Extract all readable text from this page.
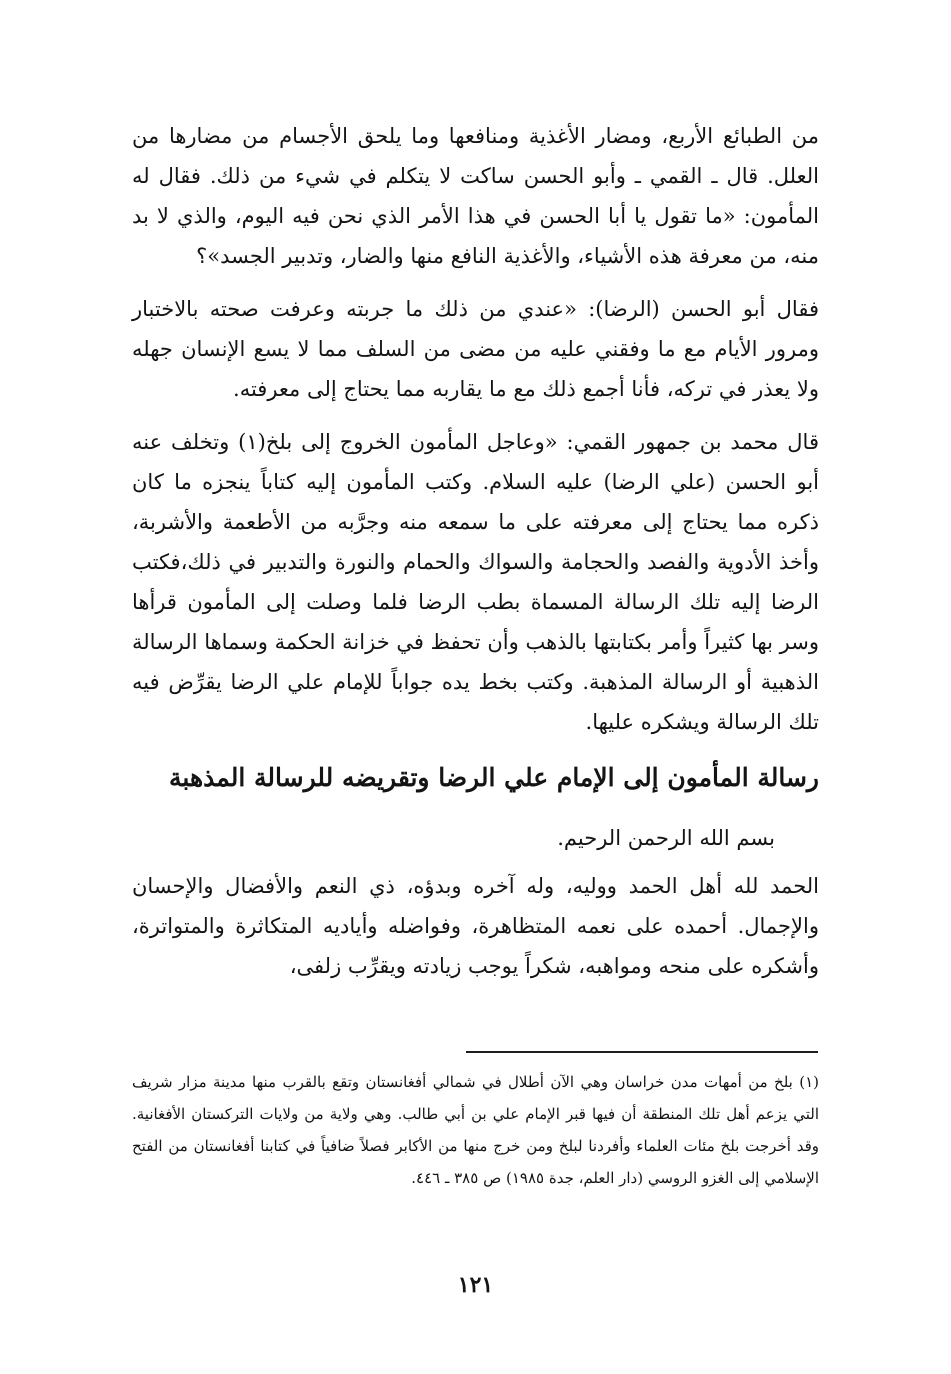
من الطبائع الأربع، ومضار الأغذية ومنافعها وما يلحق الأجسام من مضارها من العلل. قال ـ القمي ـ وأبو الحسن ساكت لا يتكلم في شيء من ذلك. فقال له المأمون: «ما تقول يا أبا الحسن في هذا الأمر الذي نحن فيه اليوم، والذي لا بد منه، من معرفة هذه الأشياء، والأغذية النافع منها والضار، وتدبير الجسد»؟

فقال أبو الحسن (الرضا): «عندي من ذلك ما جربته وعرفت صحته بالاختبار ومرور الأيام مع ما وفقني عليه من مضى من السلف مما لا يسع الإنسان جهله ولا يعذر في تركه، فأنا أجمع ذلك مع ما يقاربه مما يحتاج إلى معرفته.

قال محمد بن جمهور القمي: «وعاجل المأمون الخروج إلى بلخ(١) وتخلف عنه أبو الحسن (علي الرضا) عليه السلام. وكتب المأمون إليه كتاباً ينجزه ما كان ذكره مما يحتاج إلى معرفته على ما سمعه منه وجرَّبه من الأطعمة والأشربة، وأخذ الأدوية والفصد والحجامة والسواك والحمام والنورة والتدبير في ذلك،فكتب الرضا إليه تلك الرسالة المسماة بطب الرضا فلما وصلت إلى المأمون قرأها وسر بها كثيراً وأمر بكتابتها بالذهب وأن تحفظ في خزانة الحكمة وسماها الرسالة الذهبية أو الرسالة المذهبة. وكتب بخط يده جواباً للإمام علي الرضا يقرِّض فيه تلك الرسالة ويشكره عليها.

رسالة المأمون إلى الإمام علي الرضا وتقريضه للرسالة المذهبة
بسم الله الرحمن الرحيم.

الحمد لله أهل الحمد ووليه، وله آخره وبدؤه، ذي النعم والأفضال والإحسان والإجمال. أحمده على نعمه المتظاهرة، وفواضله وأياديه المتكاثرة والمتواترة، وأشكره على منحه ومواهبه، شكراً يوجب زيادته ويقرِّب زلفى،

(١) بلخ من أمهات مدن خراسان وهي الآن أطلال في شمالي أفغانستان وتقع بالقرب منها مدينة مزار شريف التي يزعم أهل تلك المنطقة أن فيها قبر الإمام علي بن أبي طالب. وهي ولاية من ولايات التركستان الأفغانية. وقد أخرجت بلخ مئات العلماء وأفردنا لبلخ ومن خرج منها من الأكابر فصلاً ضافياً في كتابنا أفغانستان من الفتح الإسلامي إلى الغزو الروسي (دار العلم، جدة ١٩٨٥) ص ٣٨٥ ـ ٤٤٦.
١٢١
